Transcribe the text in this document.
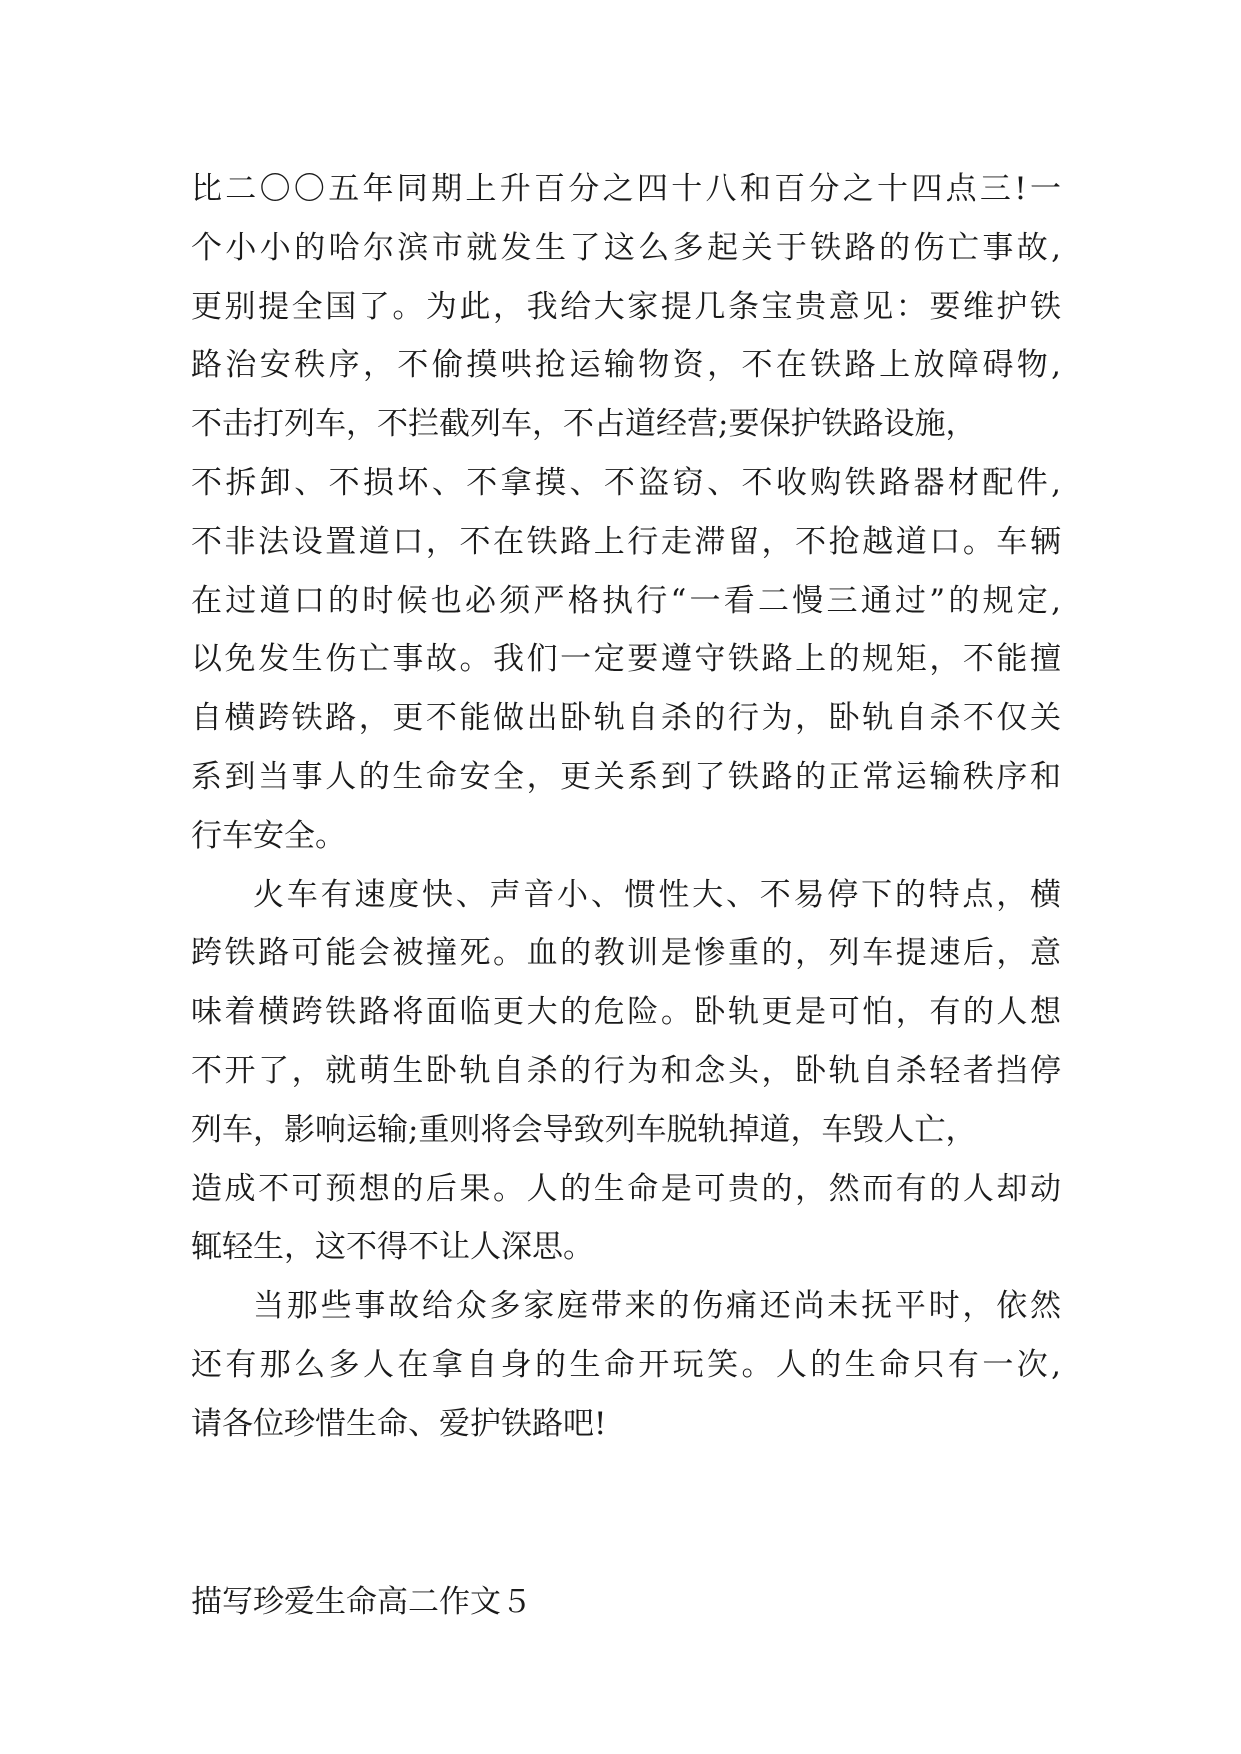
比二〇〇五年同期上升百分之四十八和百分之十四点三!一
个小小的哈尔滨市就发生了这么多起关于铁路的伤亡事故,
更别提全国了。为此，我给大家提几条宝贵意见：要维护铁
路治安秩序，不偷摸哄抢运输物资，不在铁路上放障碍物,
不击打列车，不拦截列车，不占道经营;要保护铁路设施，
不拆卸、不损坏、不拿摸、不盗窃、不收购铁路器材配件,
不非法设置道口，不在铁路上行走滞留，不抢越道口。车辆
在过道口的时候也必须严格执行“一看二慢三通过”的规定,
以免发生伤亡事故。我们一定要遵守铁路上的规矩，不能擅
自横跨铁路，更不能做出卧轨自杀的行为，卧轨自杀不仅关
系到当事人的生命安全，更关系到了铁路的正常运输秩序和
行车安全。
火车有速度快、声音小、惯性大、不易停下的特点，横
跨铁路可能会被撞死。血的教训是惨重的，列车提速后，意
味着横跨铁路将面临更大的危险。卧轨更是可怕，有的人想
不开了，就萌生卧轨自杀的行为和念头，卧轨自杀轻者挡停
列车，影响运输;重则将会导致列车脱轨掉道，车毁人亡，
造成不可预想的后果。人的生命是可贵的，然而有的人却动
辄轻生，这不得不让人深思。
当那些事故给众多家庭带来的伤痛还尚未抚平时，依然
还有那么多人在拿自身的生命开玩笑。人的生命只有一次,
请各位珍惜生命、爱护铁路吧!
描写珍爱生命高二作文５
